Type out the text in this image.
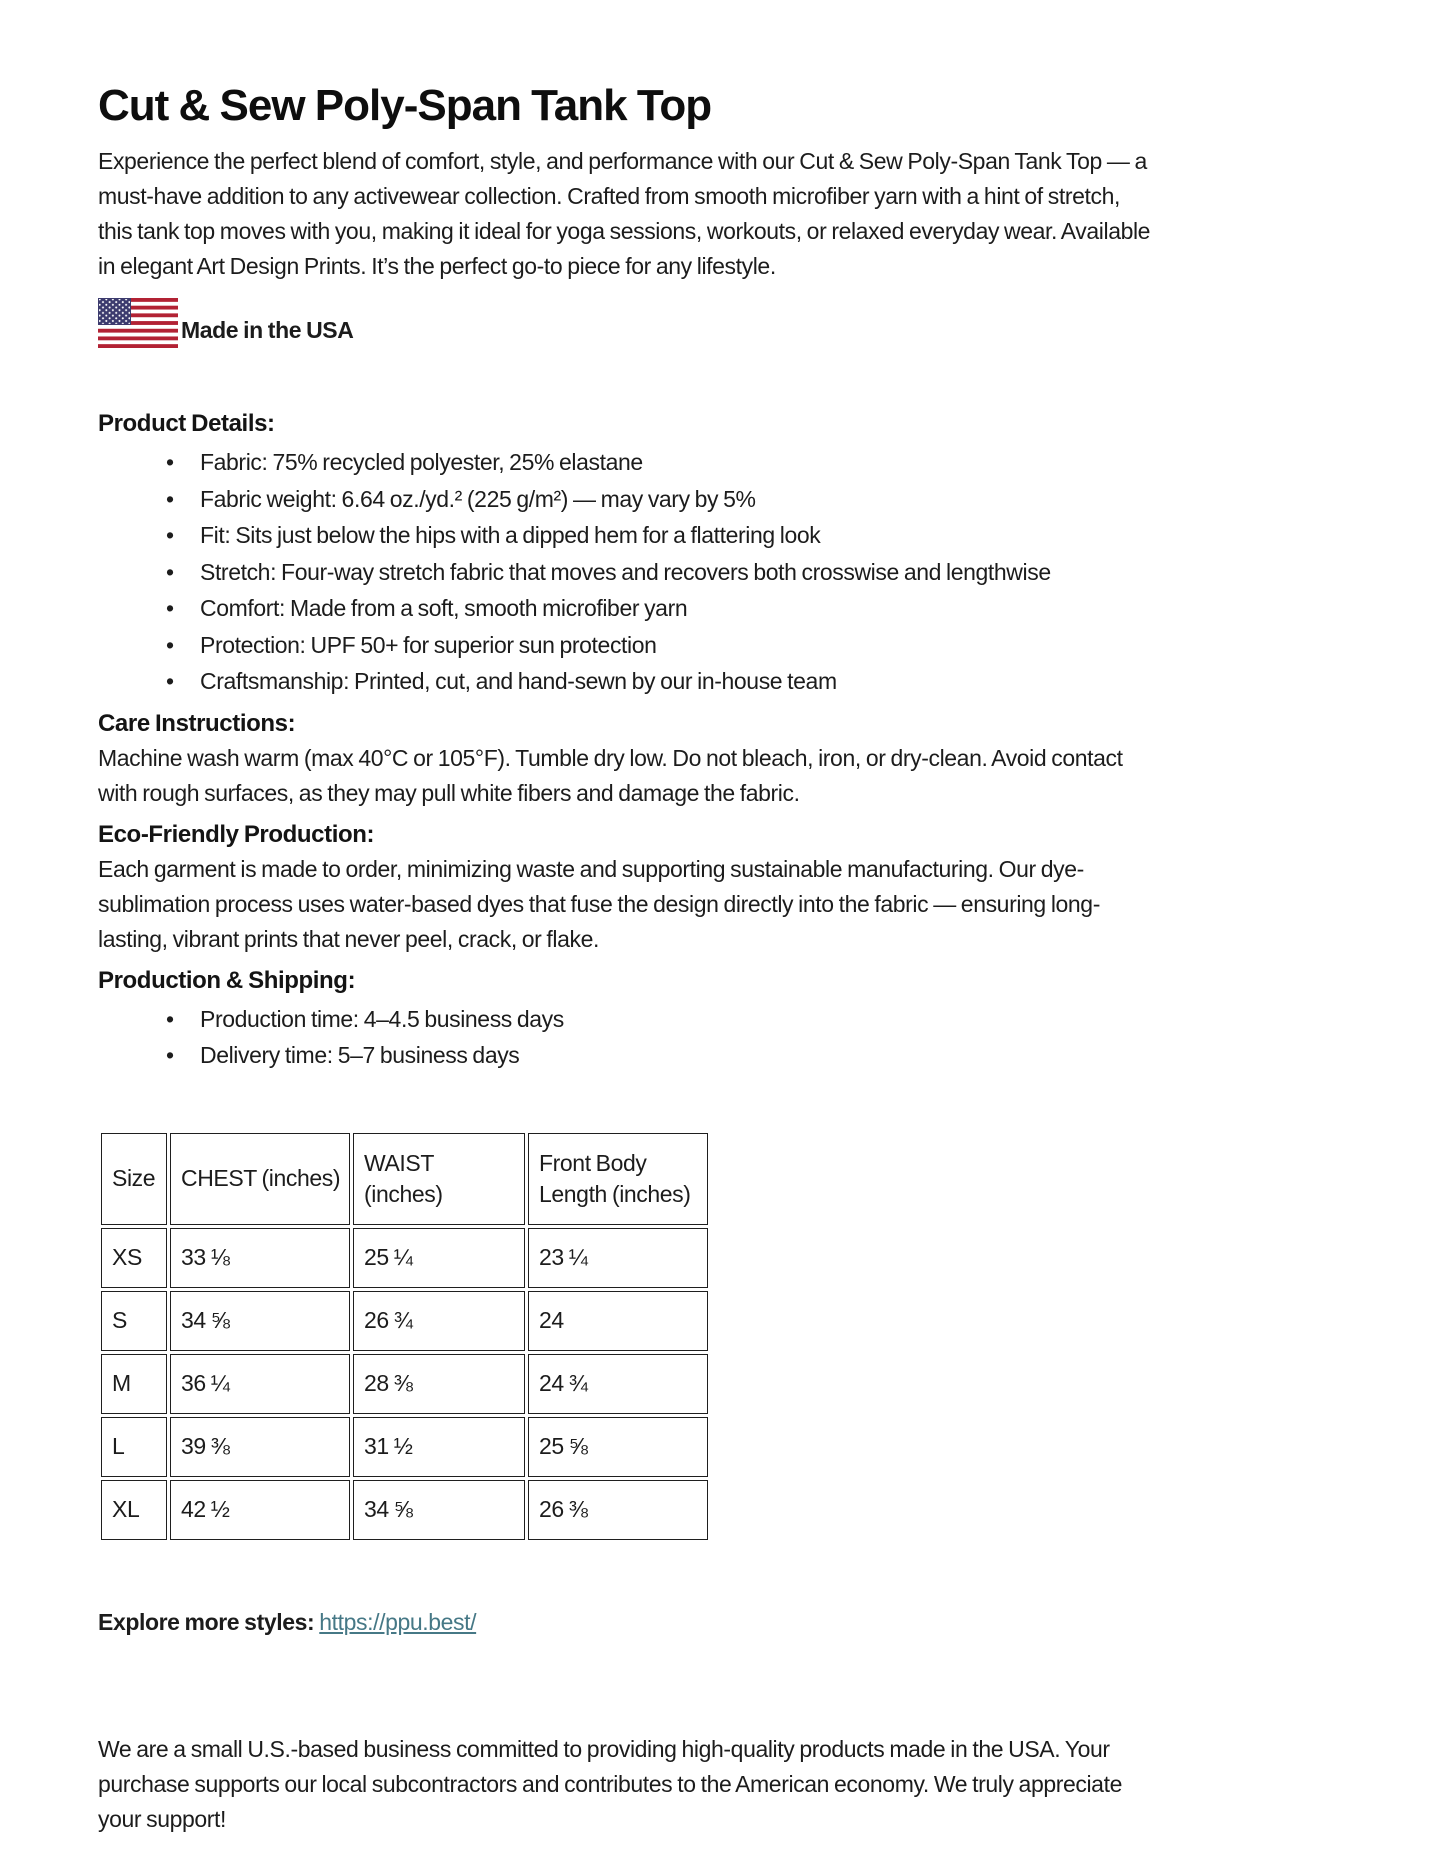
Cut & Sew Poly-Span Tank Top

Experience the perfect blend of comfort, style, and performance with our Cut & Sew Poly-Span Tank Top — a must-have addition to any activewear collection. Crafted from smooth microfiber yarn with a hint of stretch, this tank top moves with you, making it ideal for yoga sessions, workouts, or relaxed everyday wear. Available in elegant Art Design Prints. It’s the perfect go-to piece for any lifestyle.

Made in the USA
Product Details:
• Fabric: 75% recycled polyester, 25% elastane
• Fabric weight: 6.64 oz./yd.² (225 g/m²) — may vary by 5%
• Fit: Sits just below the hips with a dipped hem for a flattering look
• Stretch: Four-way stretch fabric that moves and recovers both crosswise and lengthwise
• Comfort: Made from a soft, smooth microfiber yarn
• Protection: UPF 50+ for superior sun protection
• Craftsmanship: Printed, cut, and hand-sewn by our in-house team
Care Instructions:

Machine wash warm (max 40°C or 105°F). Tumble dry low. Do not bleach, iron, or dry-clean. Avoid contact with rough surfaces, as they may pull white fibers and damage the fabric.

Eco-Friendly Production:

Each garment is made to order, minimizing waste and supporting sustainable manufacturing. Our dye-sublimation process uses water-based dyes that fuse the design directly into the fabric — ensuring long-lasting, vibrant prints that never peel, crack, or flake.

Production & Shipping:
• Production time: 4–4.5 business days
• Delivery time: 5–7 business days
Size	CHEST (inches)	WAIST (inches)	Front Body Length (inches)
XS	33 ⅛	25 ¼	23 ¼
S	34 ⅝	26 ¾	24
M	36 ¼	28 ⅜	24 ¾
L	39 ⅜	31 ½	25 ⅝
XL	42 ½	34 ⅝	26 ⅜

Explore more styles: https://ppu.best/

We are a small U.S.-based business committed to providing high-quality products made in the USA. Your purchase supports our local subcontractors and contributes to the American economy. We truly appreciate your support!
